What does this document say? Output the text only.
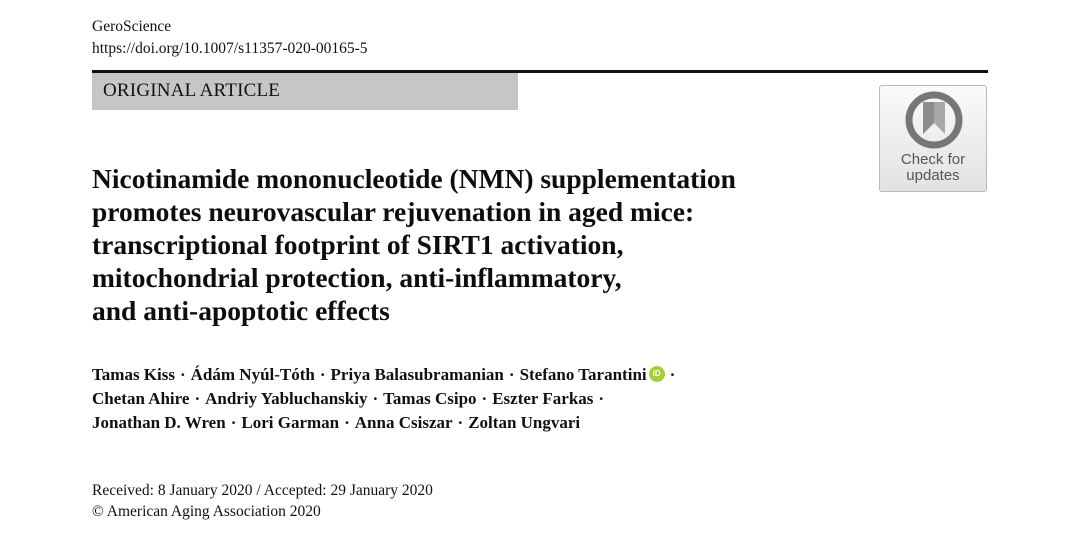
GeroScience
https://doi.org/10.1007/s11357-020-00165-5
ORIGINAL ARTICLE
Check for
updates
Nicotinamide mononucleotide (NMN) supplementation
promotes neurovascular rejuvenation in aged mice:
transcriptional footprint of SIRT1 activation,
mitochondrial protection, anti-inflammatory,
and anti-apoptotic effects
Tamas Kiss · Ádám Nyúl-Tóth · Priya Balasubramanian · Stefano Tarantini iD ·
Chetan Ahire · Andriy Yabluchanskiy · Tamas Csipo · Eszter Farkas ·
Jonathan D. Wren · Lori Garman · Anna Csiszar · Zoltan Ungvari
Received: 8 January 2020 / Accepted: 29 January 2020
© American Aging Association 2020
